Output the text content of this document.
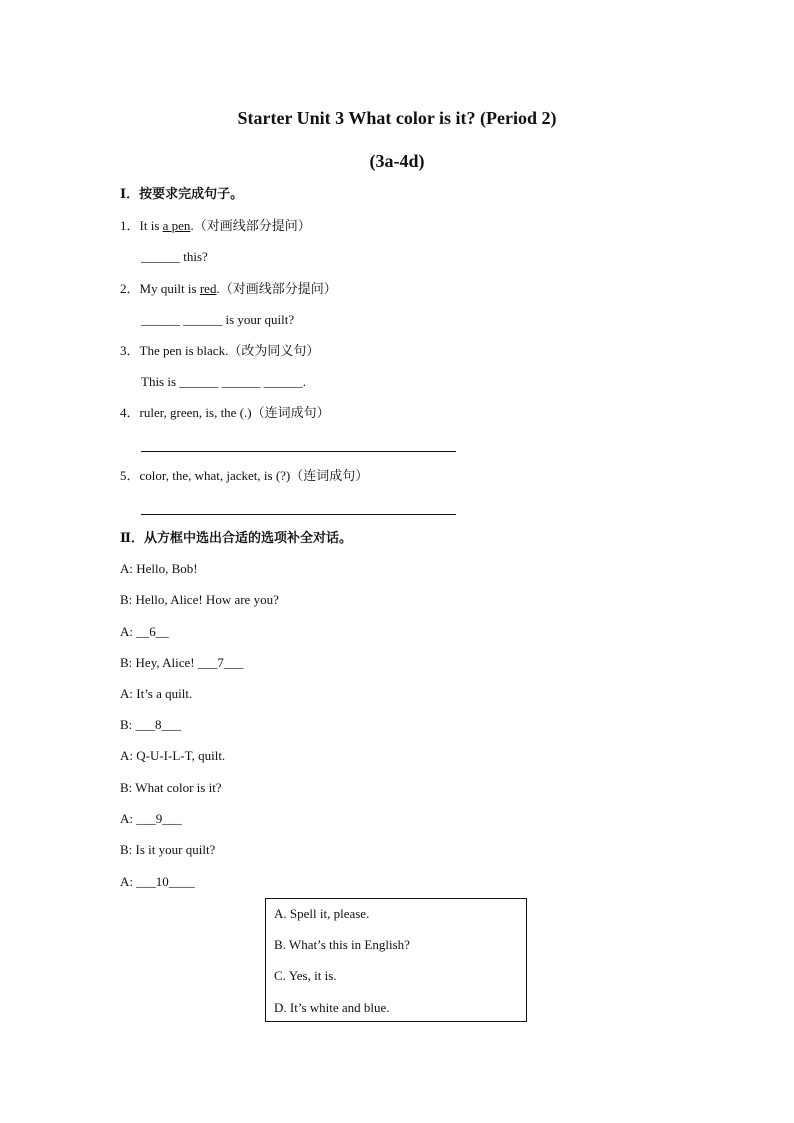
Starter Unit 3 What color is it? (Period 2)
(3a-4d)
Ⅰ．按要求完成句子。
1．It is a pen.（对画线部分提问）
______ this?
2．My quilt is red.（对画线部分提问）
______ ______ is your quilt?
3．The pen is black.（改为同义句）
This is ______ ______ ______.
4．ruler, green, is, the (.)（连词成句）
5．color, the, what, jacket, is (?)（连词成句）
Ⅱ．从方框中选出合适的选项补全对话。
A: Hello, Bob!
B: Hello, Alice! How are you?
A: __6__
B: Hey, Alice! ___7___
A: It’s a quilt.
B: ___8___
A: Q-U-I-L-T, quilt.
B: What color is it?
A: ___9___
B: Is it your quilt?
A: ___10____
A. Spell it, please.
B. What’s this in English?
C. Yes, it is.
D. It’s white and blue.
